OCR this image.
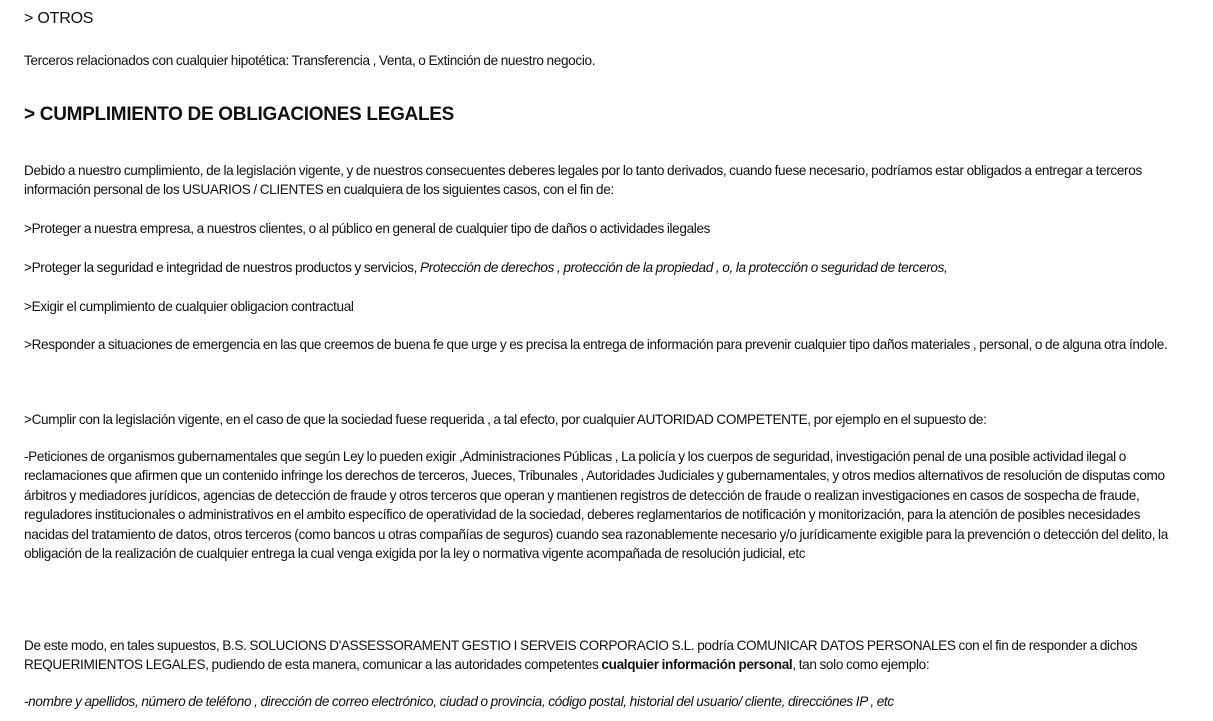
> OTROS

Terceros relacionados con cualquier hipotética: Transferencia , Venta, o Extinción de nuestro negocio.

> CUMPLIMIENTO DE OBLIGACIONES LEGALES

Debido a nuestro cumplimiento, de la legislación vigente, y de nuestros consecuentes deberes legales por lo tanto derivados, cuando fuese necesario, podríamos estar obligados a entregar a terceros información personal de los USUARIOS / CLIENTES en cualquiera de los siguientes casos, con el fin de:

>Proteger a nuestra empresa, a nuestros clientes, o al público en general de cualquier tipo de daños o actividades ilegales

>Proteger la seguridad e integridad de nuestros productos y servicios, Protección de derechos , protección de la propiedad , o, la protección o seguridad de terceros,

>Exigir el cumplimiento de cualquier obligacion contractual

>Responder a situaciones de emergencia en las que creemos de buena fe que urge y es precisa la entrega de información para prevenir cualquier tipo daños materiales , personal, o de alguna otra índole.

>Cumplir con la legislación vigente, en el caso de que la sociedad fuese requerida , a tal efecto, por cualquier AUTORIDAD COMPETENTE, por ejemplo en el supuesto de:

-Peticiones de organismos gubernamentales que según Ley lo pueden exigir ,Administraciones Públicas , La policía y los cuerpos de seguridad, investigación penal de una posible actividad ilegal o reclamaciones que afirmen que un contenido infringe los derechos de terceros, Jueces, Tribunales , Autoridades Judiciales y gubernamentales, y otros medios alternativos de resolución de disputas como árbitros y mediadores jurídicos, agencias de detección de fraude y otros terceros que operan y mantienen registros de detección de fraude o realizan investigaciones en casos de sospecha de fraude, reguladores institucionales o administrativos en el ambito específico de operatividad de la sociedad, deberes reglamentarios de notificación y monitorización, para la atención de posibles necesidades nacidas del tratamiento de datos, otros terceros (como bancos u otras compañías de seguros) cuando sea razonablemente necesario y/o jurídicamente exigible para la prevención o detección del delito, la obligación de la realización de cualquier entrega la cual venga exigida por la ley o normativa vigente acompañada de resolución judicial, etc

De este modo, en tales supuestos, B.S. SOLUCIONS D'ASSESSORAMENT GESTIO I SERVEIS CORPORACIO S.L. podría COMUNICAR DATOS PERSONALES con el fin de responder a dichos REQUERIMIENTOS LEGALES, pudiendo de esta manera, comunicar a las autoridades competentes cualquier información personal, tan solo como ejemplo:

-nombre y apellidos, número de teléfono , dirección de correo electrónico, ciudad o provincia, código postal, historial del usuario/ cliente, direcciónes IP , etc
